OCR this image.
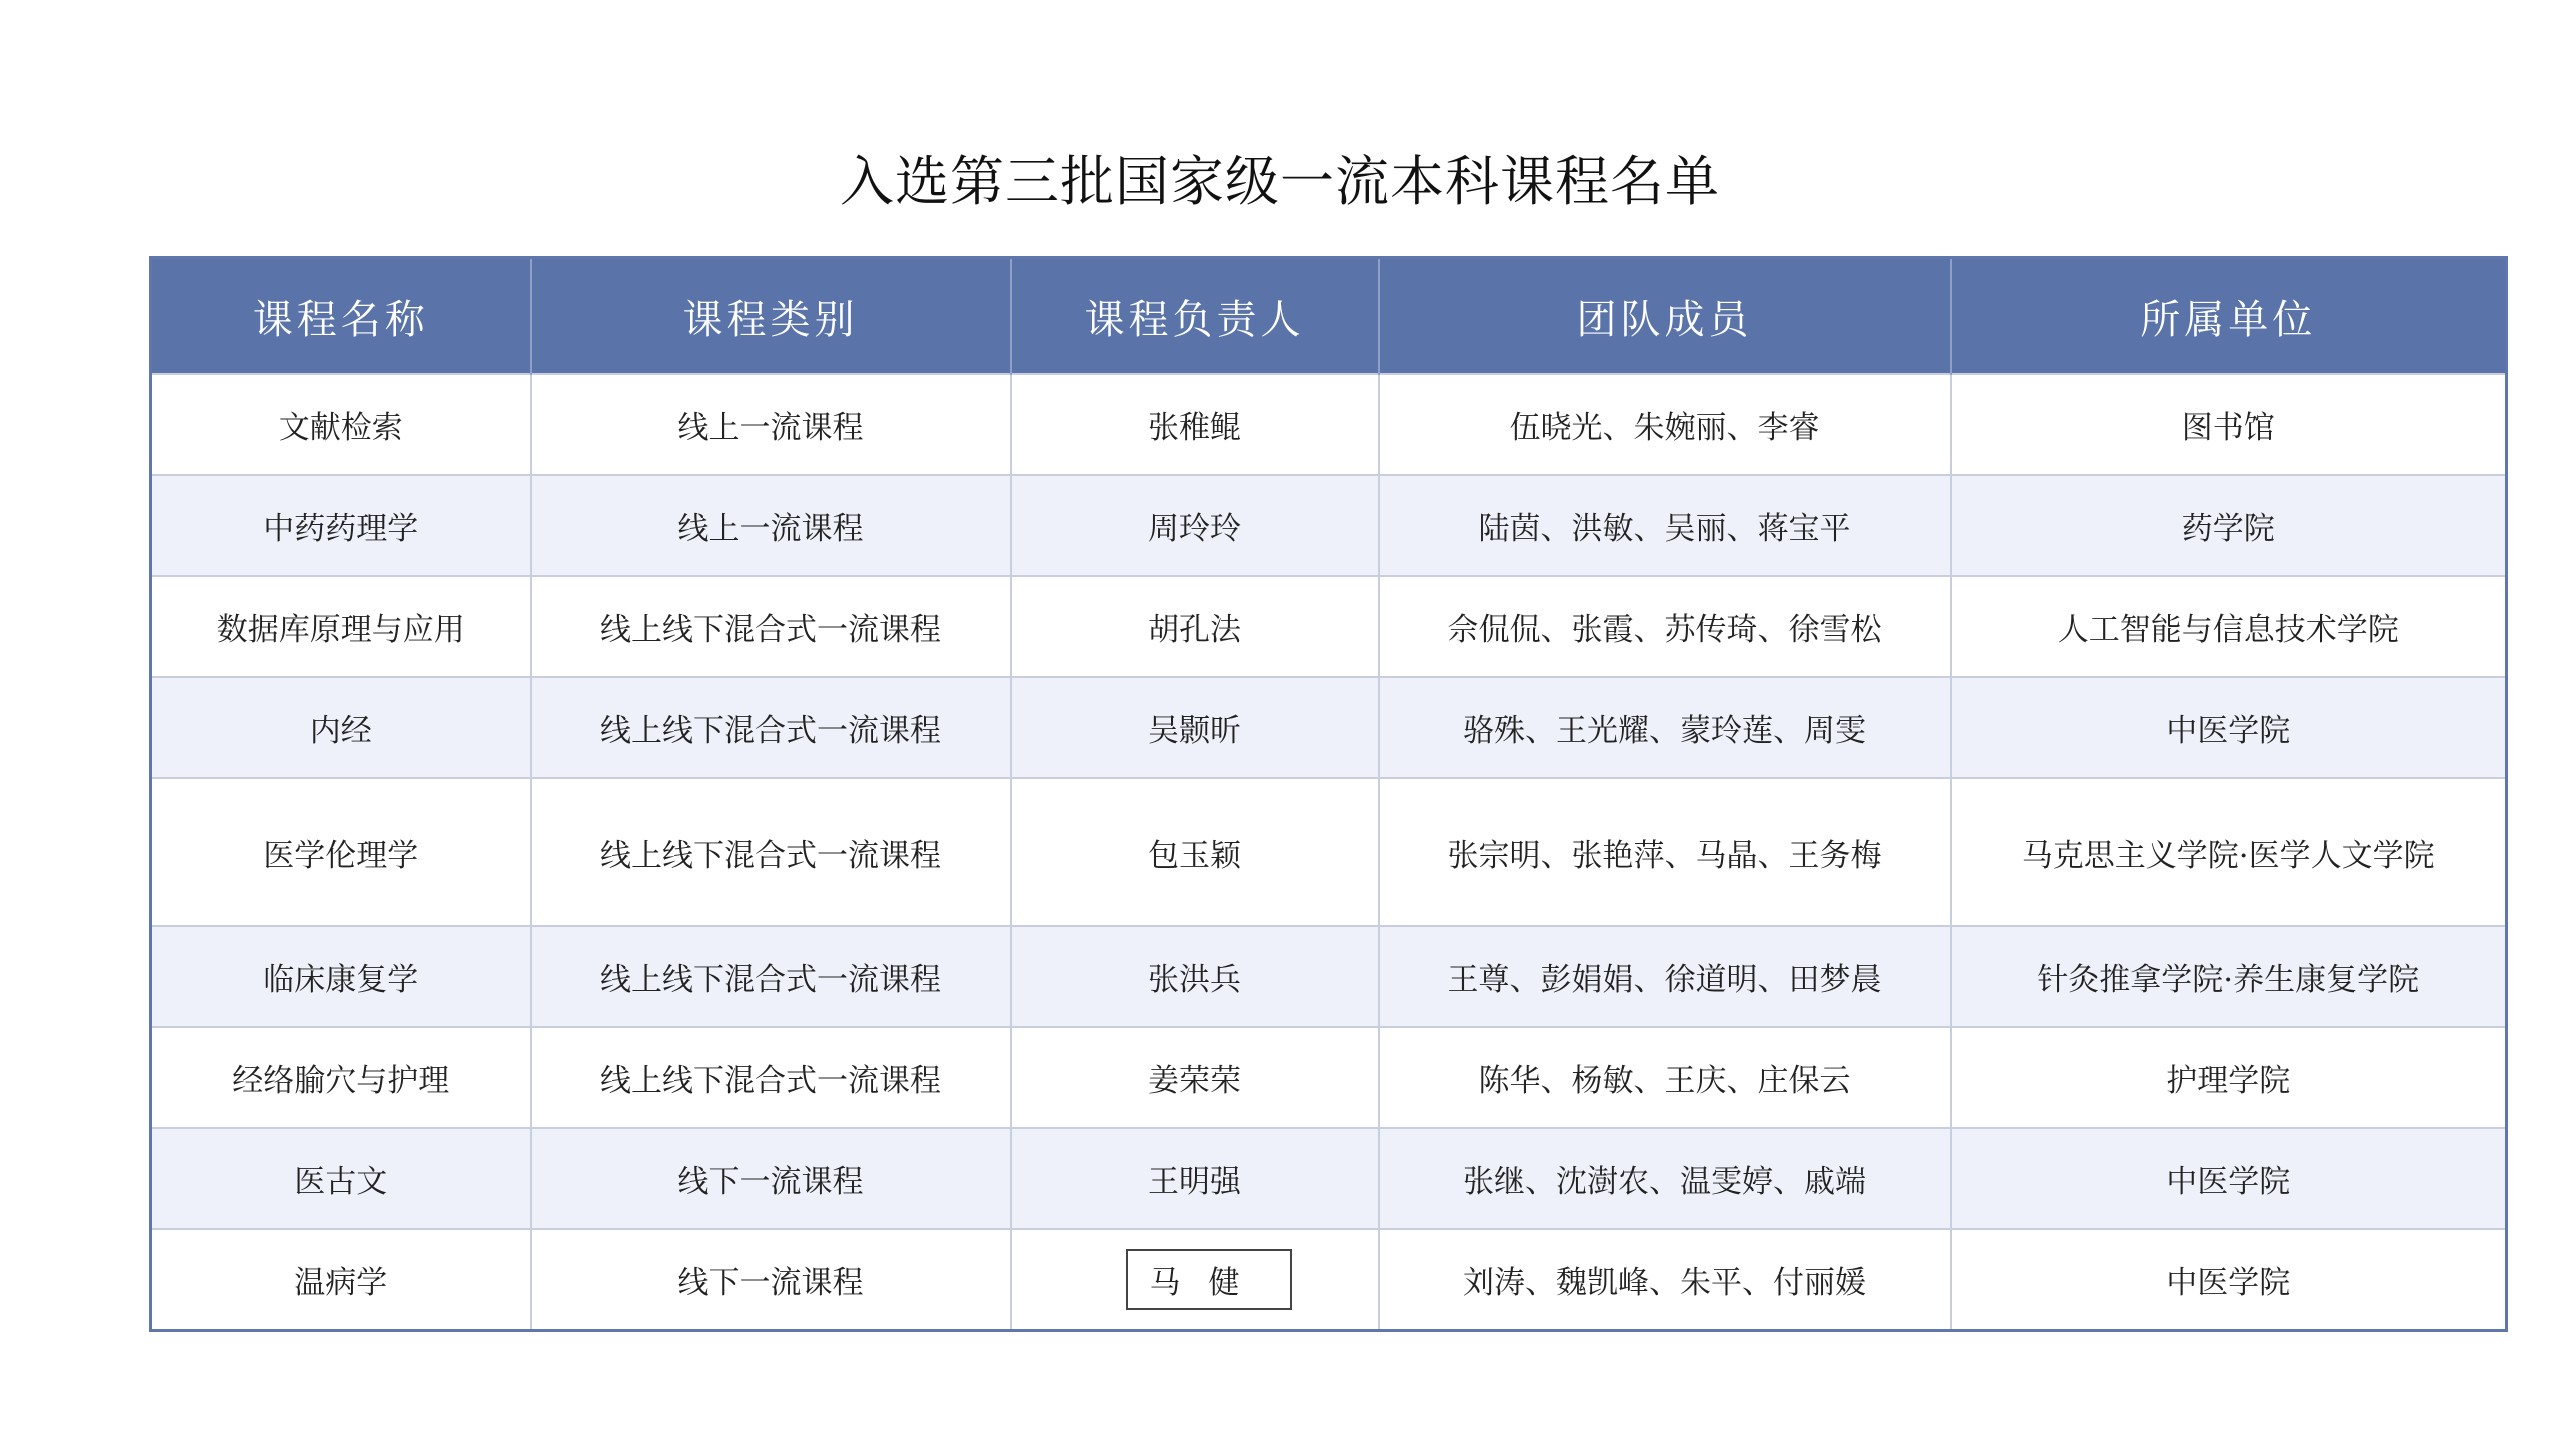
入选第三批国家级一流本科课程名单
课程名称	课程类别	课程负责人	团队成员	所属单位
文献检索	线上一流课程	张稚鲲	伍晓光、朱婉丽、李睿	图书馆
中药药理学	线上一流课程	周玲玲	陆茵、洪敏、吴丽、蒋宝平	药学院
数据库原理与应用	线上线下混合式一流课程	胡孔法	佘侃侃、张霞、苏传琦、徐雪松	人工智能与信息技术学院
内经	线上线下混合式一流课程	吴颢昕	骆殊、王光耀、蒙玲莲、周雯	中医学院
医学伦理学	线上线下混合式一流课程	包玉颖	张宗明、张艳萍、马晶、王务梅	马克思主义学院·医学人文学院
临床康复学	线上线下混合式一流课程	张洪兵	王尊、彭娟娟、徐道明、田梦晨	针灸推拿学院·养生康复学院
经络腧穴与护理	线上线下混合式一流课程	姜荣荣	陈华、杨敏、王庆、庄保云	护理学院
医古文	线下一流课程	王明强	张继、沈澍农、温雯婷、戚端	中医学院
温病学	线下一流课程	马健	刘涛、魏凯峰、朱平、付丽媛	中医学院
